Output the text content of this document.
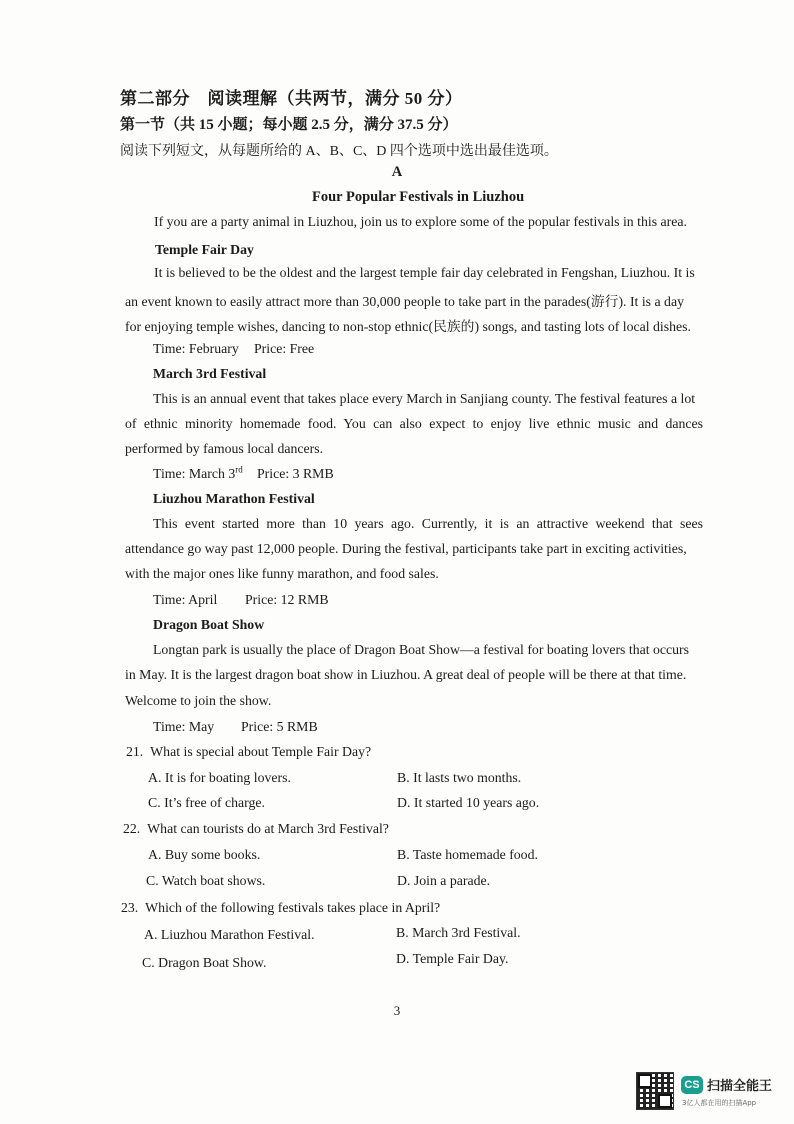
第二部分　阅读理解（共两节，满分 50 分）
第一节（共 15 小题；每小题 2.5 分，满分 37.5 分）
阅读下列短文，从每题所给的 A、B、C、D 四个选项中选出最佳选项。
A
Four Popular Festivals in Liuzhou
If you are a party animal in Liuzhou, join us to explore some of the popular festivals in this area.
Temple Fair Day
It is believed to be the oldest and the largest temple fair day celebrated in Fengshan, Liuzhou. It is
an event known to easily attract more than 30,000 people to take part in the parades(游行). It is a day
for enjoying temple wishes, dancing to non-stop ethnic(民族的) songs, and tasting lots of local dishes.
Time: February Price: Free
March 3rd Festival
This is an annual event that takes place every March in Sanjiang county. The festival features a lot
of ethnic minority homemade food. You can also expect to enjoy live ethnic music and dances
performed by famous local dancers.
Time: March 3rd Price: 3 RMB
Liuzhou Marathon Festival
This event started more than 10 years ago. Currently, it is an attractive weekend that sees
attendance go way past 12,000 people. During the festival, participants take part in exciting activities,
with the major ones like funny marathon, and food sales.
Time: April Price: 12 RMB
Dragon Boat Show
Longtan park is usually the place of Dragon Boat Show—a festival for boating lovers that occurs
in May. It is the largest dragon boat show in Liuzhou. A great deal of people will be there at that time.
Welcome to join the show.
Time: May Price: 5 RMB
21. What is special about Temple Fair Day?
A. It is for boating lovers.	B. It lasts two months.
C. It’s free of charge.	D. It started 10 years ago.
22. What can tourists do at March 3rd Festival?
A. Buy some books.	B. Taste homemade food.
C. Watch boat shows.	D. Join a parade.
23. Which of the following festivals takes place in April?
A. Liuzhou Marathon Festival.	B. March 3rd Festival.
C. Dragon Boat Show.	D. Temple Fair Day.
3
CS 扫描全能王
3亿人都在用的扫描App
